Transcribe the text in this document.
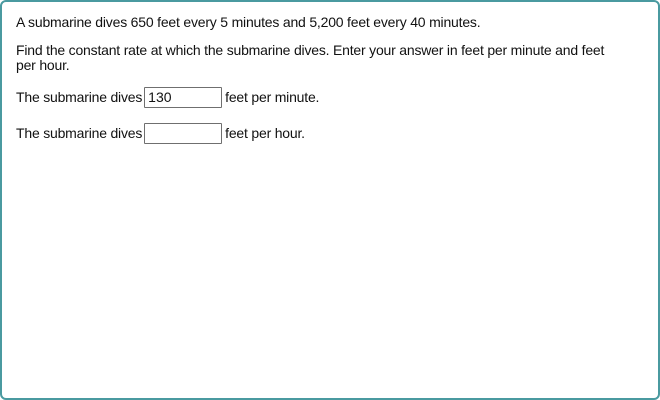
A submarine dives 650 feet every 5 minutes and 5,200 feet every 40 minutes.

Find the constant rate at which the submarine dives. Enter your answer in feet per minute and feet per hour.

The submarine dives
130	feet per minute.
The submarine dives	feet per hour.
